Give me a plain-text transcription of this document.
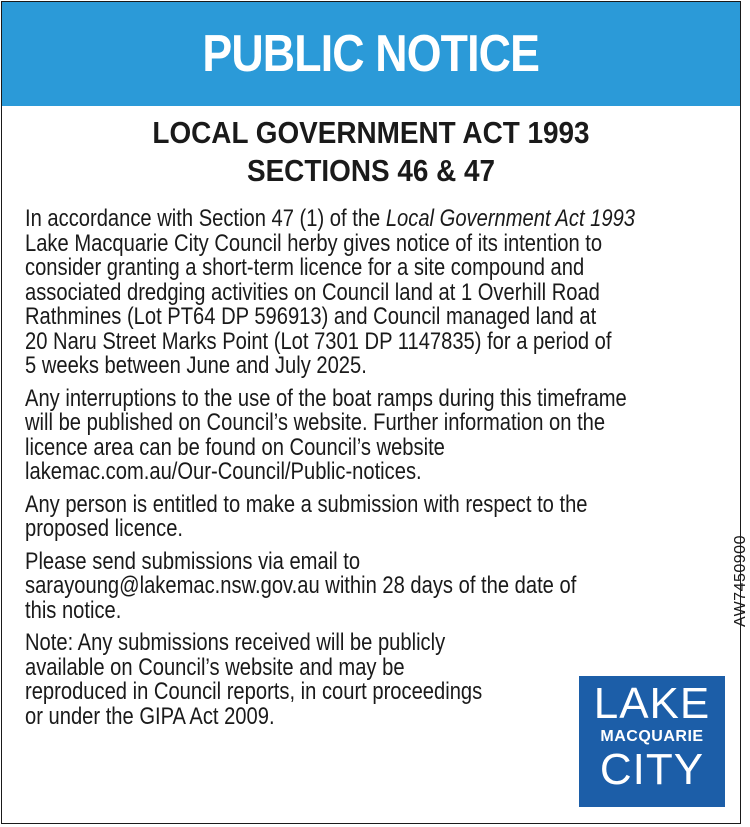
PUBLIC NOTICE
LOCAL GOVERNMENT ACT 1993
SECTIONS 46 & 47

In accordance with Section 47 (1) of the Local Government Act 1993
Lake Macquarie City Council herby gives notice of its intention to
consider granting a short-term licence for a site compound and
associated dredging activities on Council land at 1 Overhill Road
Rathmines (Lot PT64 DP 596913) and Council managed land at
20 Naru Street Marks Point (Lot 7301 DP 1147835) for a period of
5 weeks between June and July 2025.

Any interruptions to the use of the boat ramps during this timeframe
will be published on Council’s website. Further information on the
licence area can be found on Council’s website
lakemac.com.au/Our-Council/Public-notices.

Any person is entitled to make a submission with respect to the
proposed licence.

Please send submissions via email to
sarayoung@lakemac.nsw.gov.au within 28 days of the date of
this notice.

Note: Any submissions received will be publicly
available on Council’s website and may be
reproduced in Council reports, in court proceedings
or under the GIPA Act 2009.

AW7450900
LAKE
MACQUARIE
CITY
